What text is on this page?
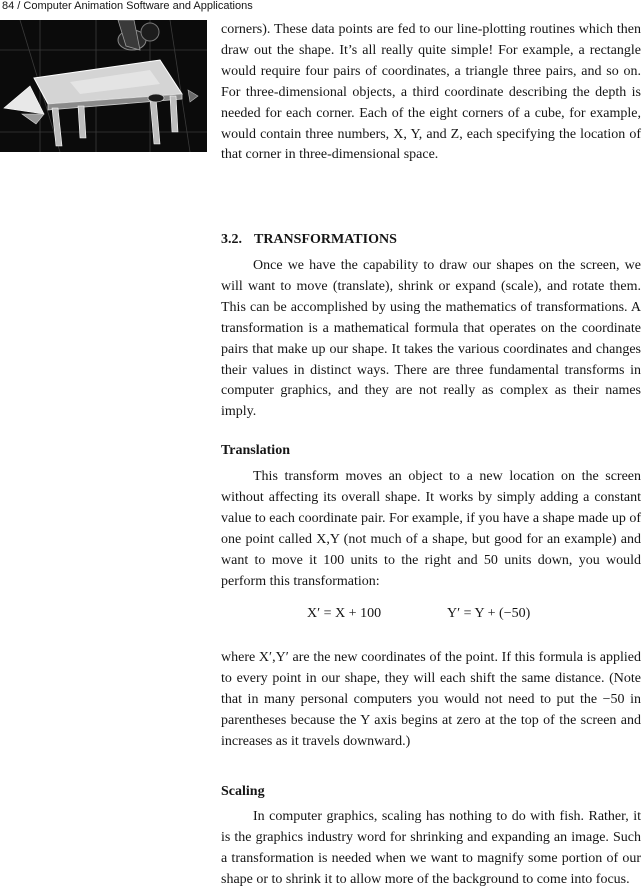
84 / Computer Animation Software and Applications

corners). These data points are fed to our line-plotting routines which then draw out the shape. It’s all really quite simple! For example, a rectangle would require four pairs of coordinates, a triangle three pairs, and so on. For three-dimensional objects, a third coordinate describing the depth is needed for each corner. Each of the eight corners of a cube, for example, would contain three numbers, X, Y, and Z, each specifying the location of that corner in three-dimensional space.

3.2. TRANSFORMATIONS

Once we have the capability to draw our shapes on the screen, we will want to move (translate), shrink or expand (scale), and rotate them. This can be accomplished by using the mathematics of transformations. A transformation is a mathematical formula that operates on the coordinate pairs that make up our shape. It takes the various coordinates and changes their values in distinct ways. There are three fundamental transforms in computer graphics, and they are not really as complex as their names imply.

Translation

This transform moves an object to a new location on the screen without affecting its overall shape. It works by simply adding a constant value to each coordinate pair. For example, if you have a shape made up of one point called X,Y (not much of a shape, but good for an example) and want to move it 100 units to the right and 50 units down, you would perform this transformation:

X′ = X + 100	Y′ = Y + (−50)

where X′,Y′ are the new coordinates of the point. If this formula is applied to every point in our shape, they will each shift the same distance. (Note that in many personal computers you would not need to put the −50 in parentheses because the Y axis begins at zero at the top of the screen and increases as it travels downward.)

Scaling

In computer graphics, scaling has nothing to do with fish. Rather, it is the graphics industry word for shrinking and expanding an image. Such a transformation is needed when we want to magnify some portion of our shape or to shrink it to allow more of the background to come into focus.
